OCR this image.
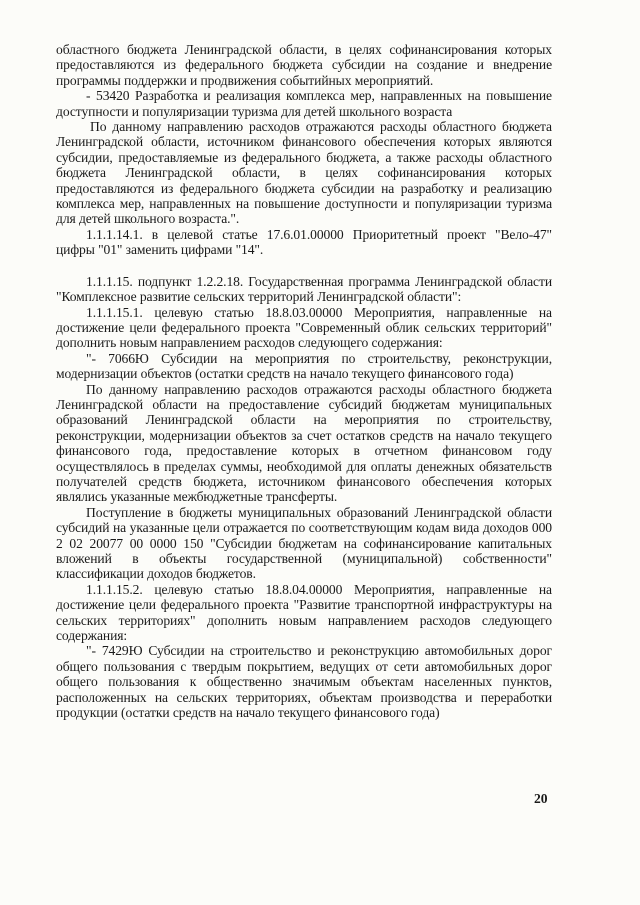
областного бюджета Ленинградской области, в целях софинансирования которых предоставляются из федерального бюджета субсидии на создание и внедрение программы поддержки и продвижения событийных мероприятий.

- 53420 Разработка и реализация комплекса мер, направленных на повышение доступности и популяризации туризма для детей школьного возраста

По данному направлению расходов отражаются расходы областного бюджета Ленинградской области, источником финансового обеспечения которых являются субсидии, предоставляемые из федерального бюджета, а также расходы областного бюджета Ленинградской области, в целях софинансирования которых предоставляются из федерального бюджета субсидии на разработку и реализацию комплекса мер, направленных на повышение доступности и популяризации туризма для детей школьного возраста.".

1.1.1.14.1. в целевой статье 17.6.01.00000 Приоритетный проект "Вело-47" цифры "01" заменить цифрами "14".

1.1.1.15. подпункт 1.2.2.18. Государственная программа Ленинградской области "Комплексное развитие сельских территорий Ленинградской области":

1.1.1.15.1. целевую статью 18.8.03.00000 Мероприятия, направленные на достижение цели федерального проекта "Современный облик сельских территорий" дополнить новым направлением расходов следующего содержания:

"- 7066Ю Субсидии на мероприятия по строительству, реконструкции, модернизации объектов (остатки средств на начало текущего финансового года)

По данному направлению расходов отражаются расходы областного бюджета Ленинградской области на предоставление субсидий бюджетам муниципальных образований Ленинградской области на мероприятия по строительству, реконструкции, модернизации объектов за счет остатков средств на начало текущего финансового года, предоставление которых в отчетном финансовом году осуществлялось в пределах суммы, необходимой для оплаты денежных обязательств получателей средств бюджета, источником финансового обеспечения которых являлись указанные межбюджетные трансферты.

Поступление в бюджеты муниципальных образований Ленинградской области субсидий на указанные цели отражается по соответствующим кодам вида доходов 000 2 02 20077 00 0000 150 "Субсидии бюджетам на софинансирование капитальных вложений в объекты государственной (муниципальной) собственности" классификации доходов бюджетов.

1.1.1.15.2. целевую статью 18.8.04.00000 Мероприятия, направленные на достижение цели федерального проекта "Развитие транспортной инфраструктуры на сельских территориях" дополнить новым направлением расходов следующего содержания:

"- 7429Ю Субсидии на строительство и реконструкцию автомобильных дорог общего пользования с твердым покрытием, ведущих от сети автомобильных дорог общего пользования к общественно значимым объектам населенных пунктов, расположенных на сельских территориях, объектам производства и переработки продукции (остатки средств на начало текущего финансового года)

20
